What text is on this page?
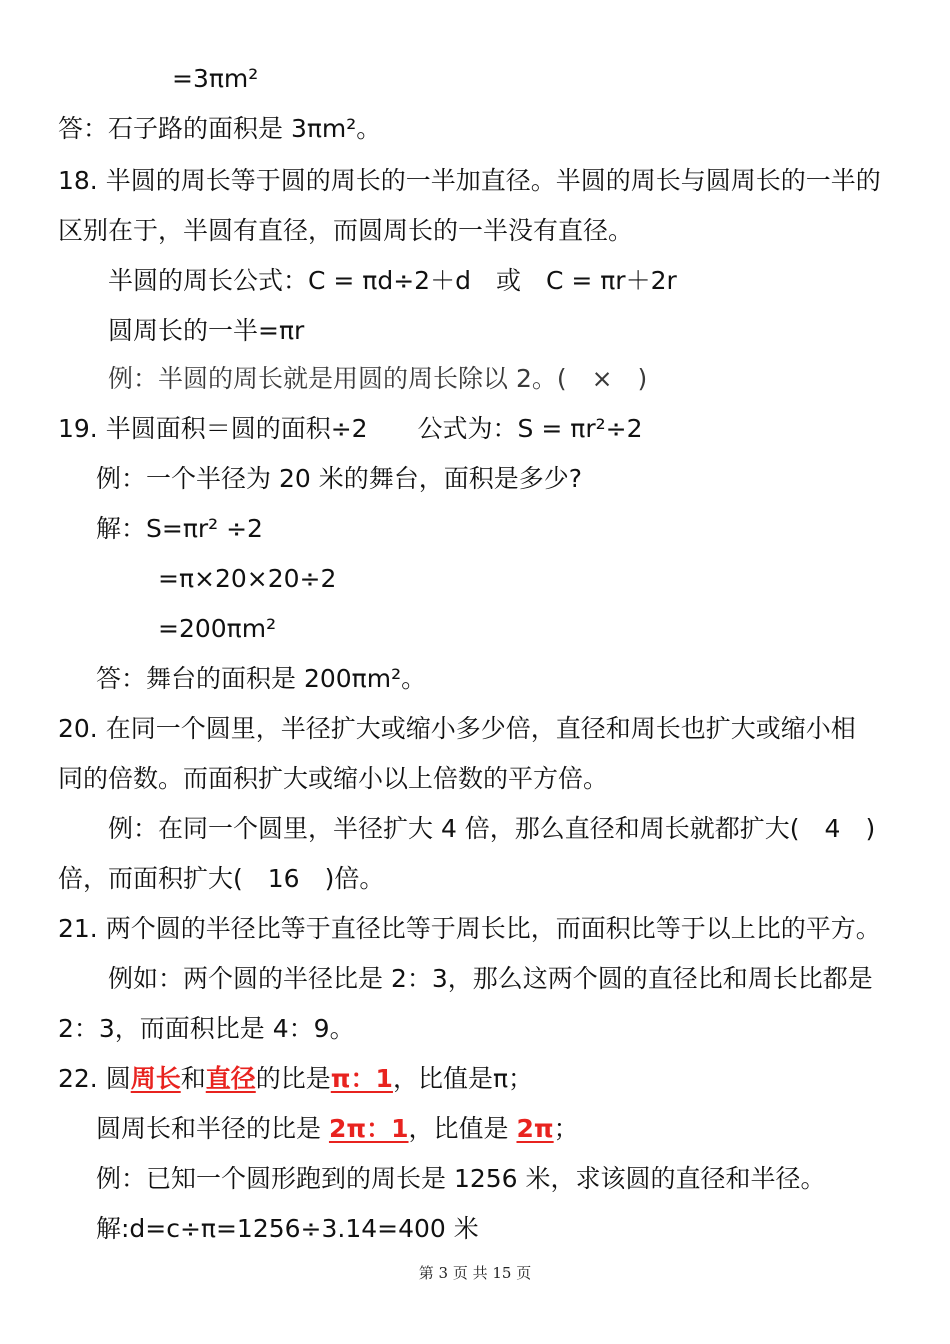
=3πm²
答：石子路的面积是 3πm²。
18. 半圆的周长等于圆的周长的一半加直径。半圆的周长与圆周长的一半的
区别在于，半圆有直径，而圆周长的一半没有直径。
半圆的周长公式：C = πd÷2＋d　或　C = πr＋2r
圆周长的一半=πr
例：半圆的周长就是用圆的周长除以 2。(　×　)
19. 半圆面积＝圆的面积÷2　　公式为：S = πr²÷2
例：一个半径为 20 米的舞台，面积是多少?
解：S=πr² ÷2
=π×20×20÷2
=200πm²
答：舞台的面积是 200πm²。
20. 在同一个圆里，半径扩大或缩小多少倍，直径和周长也扩大或缩小相
同的倍数。而面积扩大或缩小以上倍数的平方倍。
例：在同一个圆里，半径扩大 4 倍，那么直径和周长就都扩大(　4　)
倍，而面积扩大(　16　)倍。
21. 两个圆的半径比等于直径比等于周长比，而面积比等于以上比的平方。
例如：两个圆的半径比是 2：3，那么这两个圆的直径比和周长比都是
2：3，而面积比是 4：9。
22. 圆周长和直径的比是π：1，比值是π；
圆周长和半径的比是 2π：1，比值是 2π；
例：已知一个圆形跑到的周长是 1256 米，求该圆的直径和半径。
解:d=c÷π=1256÷3.14=400 米
第 3 页 共 15 页
